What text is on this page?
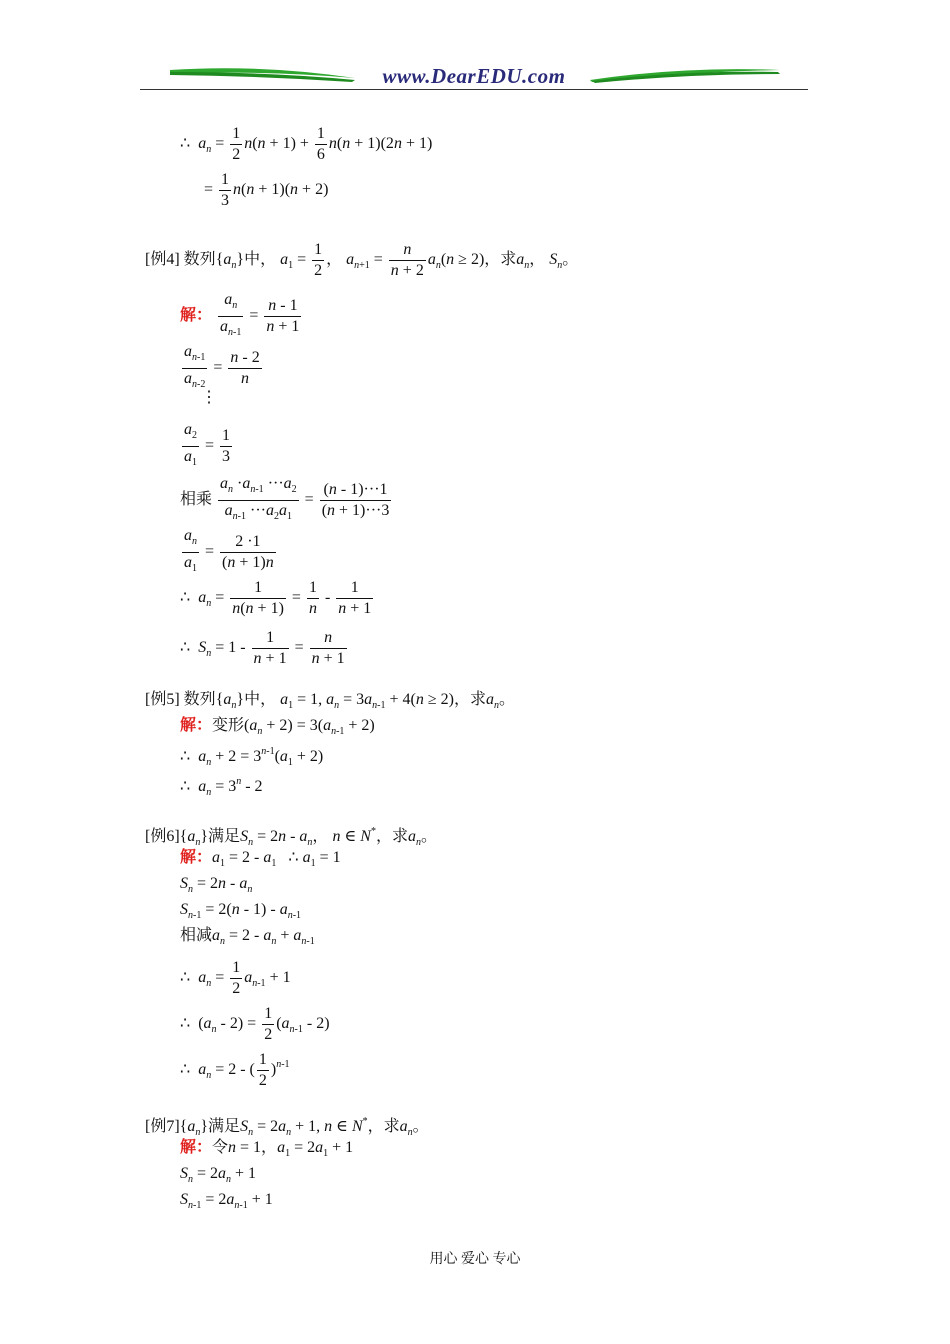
www.DearEDU.com
∴ $a_n = \frac{1}{2} n(n + 1) + \frac{1}{6} n(n + 1)(2n + 1)$
= $\frac{1}{3} n(n + 1)(n + 2)$
[例4] 数列$\{a_n\}$中， $a_1 = \frac{1}{2}$ ， $a_{n+1} = \frac{n}{n + 2} a_n(n \ge 2)$，求$a_n$， $S_n$。
解： $\frac{a_n}{a_{n-1}} = \frac{n - 1}{n + 1}$
$\frac{a_{n-1}}{a_{n-2}} = \frac{n - 2}{n}$
⋮
$\frac{a_2}{a_1} = \frac{1}{3}$
相乘 $\frac{a_n \cdot a_{n-1} \cdot\cdot\cdot a_2}{a_{n-1} \cdot\cdot\cdot a_2a_1} = \frac{(n - 1)\cdot\cdot\cdot 1}{(n + 1)\cdot\cdot\cdot 3}$
$\frac{a_n}{a_1} = \frac{2 \cdot 1}{(n + 1)n}$
∴ $a_n = \frac{1}{n(n + 1)} = \frac{1}{n} - \frac{1}{n + 1}$
∴ $S_n = 1 - \frac{1}{n + 1} = \frac{n}{n + 1}$
[例5] 数列$\{a_n\}$中， $a_1 = 1$, $a_n = 3a_{n-1} + 4(n \ge 2)$，求$a_n$。
解：变形$(a_n + 2) = 3(a_{n-1} + 2)$
∴ $a_n + 2 = 3^{n-1}(a_1 + 2)$
∴ $a_n = 3^n - 2$
[例$6]\{a_n\}$满足$S_n = 2n - a_n$， n ∈ N*，求$a_n$。
解：$a_1 = 2 - a_1$ ∴ $a_1 = 1$
$S_n = 2n - a_n$
$S_{n-1} = 2(n - 1) - a_{n-1}$
相减$a_n = 2 - a_n + a_{n-1}$
∴ $a_n = \frac{1}{2} a_{n-1} + 1$
∴  $(a_n - 2) = \frac{1}{2} (a_{n-1} - 2)$
∴ $a_n = 2$ - ( $\frac{1}{2} )^{n-1}$
[例$7]\{a_n\}$满足$S_n = 2a_n + 1$, n ∈ N*，求$a_n$。
解：令n = 1，$a_1 = 2a_1 + 1$
$S_n = 2a_n + 1$
$S_{n-1} = 2a_{n-1} + 1$
用心 爱心 专心
